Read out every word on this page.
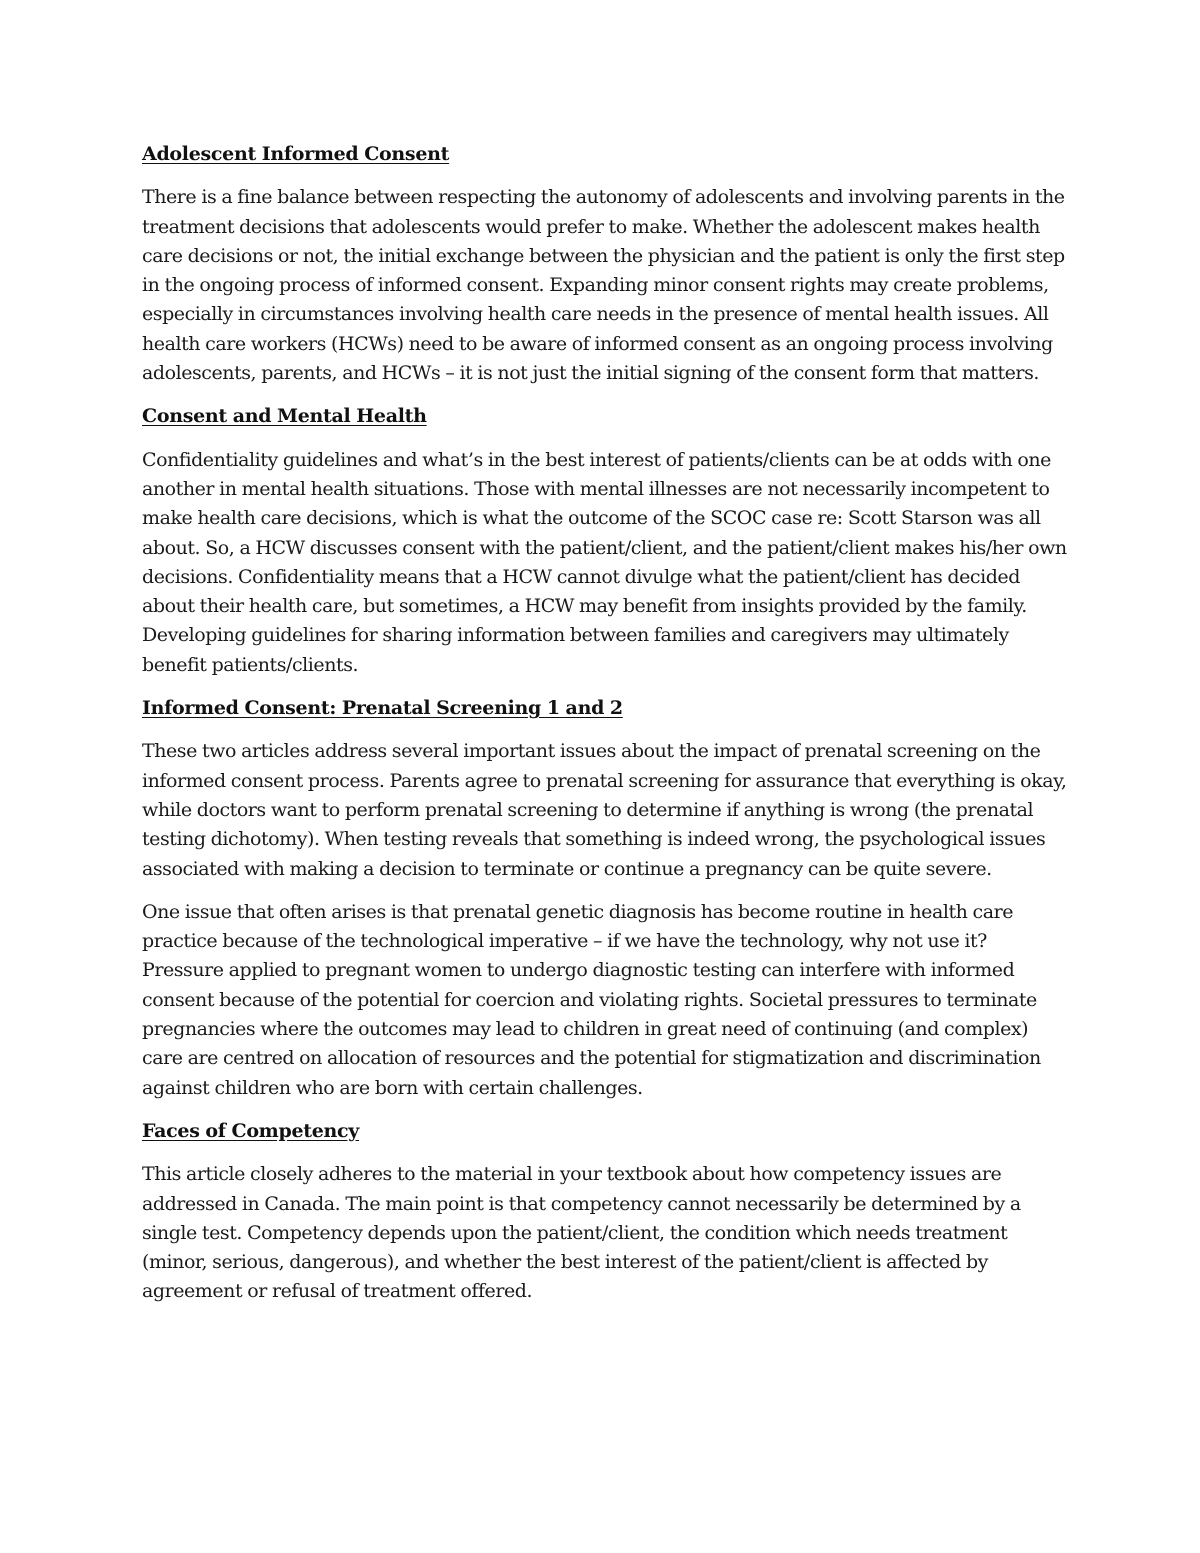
Adolescent Informed Consent

There is a fine balance between respecting the autonomy of adolescents and involving parents in the treatment decisions that adolescents would prefer to make. Whether the adolescent makes health care decisions or not, the initial exchange between the physician and the patient is only the first step in the ongoing process of informed consent. Expanding minor consent rights may create problems, especially in circumstances involving health care needs in the presence of mental health issues. All health care workers (HCWs) need to be aware of informed consent as an ongoing process involving adolescents, parents, and HCWs – it is not just the initial signing of the consent form that matters.

Consent and Mental Health

Confidentiality guidelines and what’s in the best interest of patients/clients can be at odds with one another in mental health situations. Those with mental illnesses are not necessarily incompetent to make health care decisions, which is what the outcome of the SCOC case re: Scott Starson was all about. So, a HCW discusses consent with the patient/client, and the patient/client makes his/her own decisions. Confidentiality means that a HCW cannot divulge what the patient/client has decided about their health care, but sometimes, a HCW may benefit from insights provided by the family. Developing guidelines for sharing information between families and caregivers may ultimately benefit patients/clients.

Informed Consent: Prenatal Screening 1 and 2

These two articles address several important issues about the impact of prenatal screening on the informed consent process. Parents agree to prenatal screening for assurance that everything is okay, while doctors want to perform prenatal screening to determine if anything is wrong (the prenatal testing dichotomy). When testing reveals that something is indeed wrong, the psychological issues associated with making a decision to terminate or continue a pregnancy can be quite severe.

One issue that often arises is that prenatal genetic diagnosis has become routine in health care practice because of the technological imperative – if we have the technology, why not use it? Pressure applied to pregnant women to undergo diagnostic testing can interfere with informed consent because of the potential for coercion and violating rights. Societal pressures to terminate pregnancies where the outcomes may lead to children in great need of continuing (and complex) care are centred on allocation of resources and the potential for stigmatization and discrimination against children who are born with certain challenges.

Faces of Competency

This article closely adheres to the material in your textbook about how competency issues are addressed in Canada. The main point is that competency cannot necessarily be determined by a single test. Competency depends upon the patient/client, the condition which needs treatment (minor, serious, dangerous), and whether the best interest of the patient/client is affected by agreement or refusal of treatment offered.
